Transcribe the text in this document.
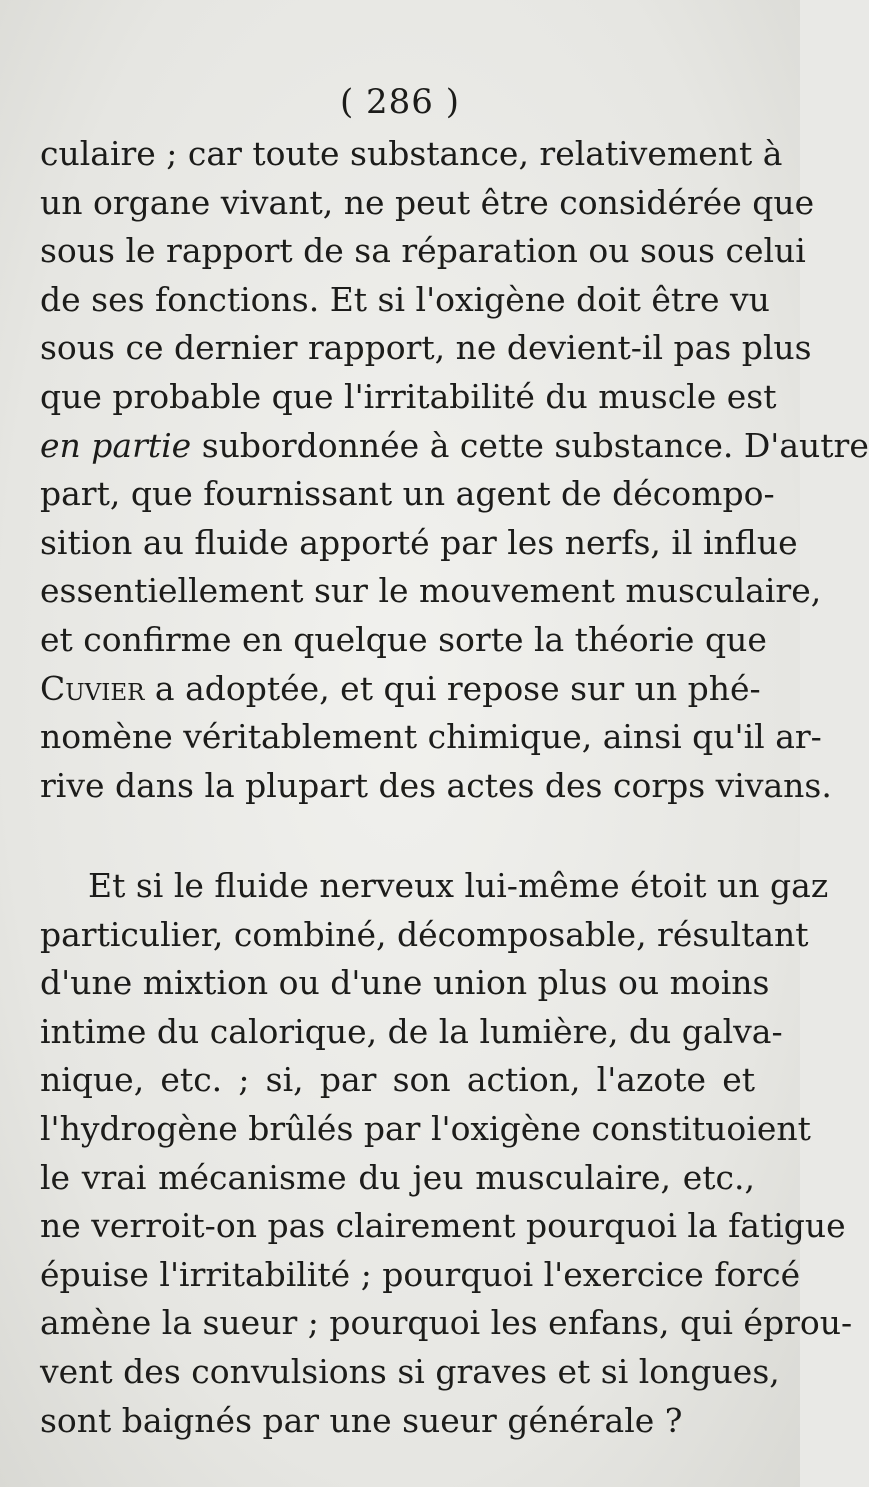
( 286 )
culaire ; car toute substance, relativement à
un organe vivant, ne peut être considérée que
sous le rapport de sa réparation ou sous celui
de ses fonctions. Et si l'oxigène doit être vu
sous ce dernier rapport, ne devient-il pas plus
que probable que l'irritabilité du muscle est
en partie subordonnée à cette substance. D'autre
part, que fournissant un agent de décompo-
sition au fluide apporté par les nerfs, il influe
essentiellement sur le mouvement musculaire,
et confirme en quelque sorte la théorie que
Cuvier a adoptée, et qui repose sur un phé-
nomène véritablement chimique, ainsi qu'il ar-
rive dans la plupart des actes des corps vivans.
Et si le fluide nerveux lui-même étoit un gaz
particulier, combiné, décomposable, résultant
d'une mixtion ou d'une union plus ou moins
intime du calorique, de la lumière, du galva-
nique, etc. ; si, par son action, l'azote et
l'hydrogène brûlés par l'oxigène constituoient
le vrai mécanisme du jeu musculaire, etc.,
ne verroit-on pas clairement pourquoi la fatigue
épuise l'irritabilité ; pourquoi l'exercice forcé
amène la sueur ; pourquoi les enfans, qui éprou-
vent des convulsions si graves et si longues,
sont baignés par une sueur générale ?
